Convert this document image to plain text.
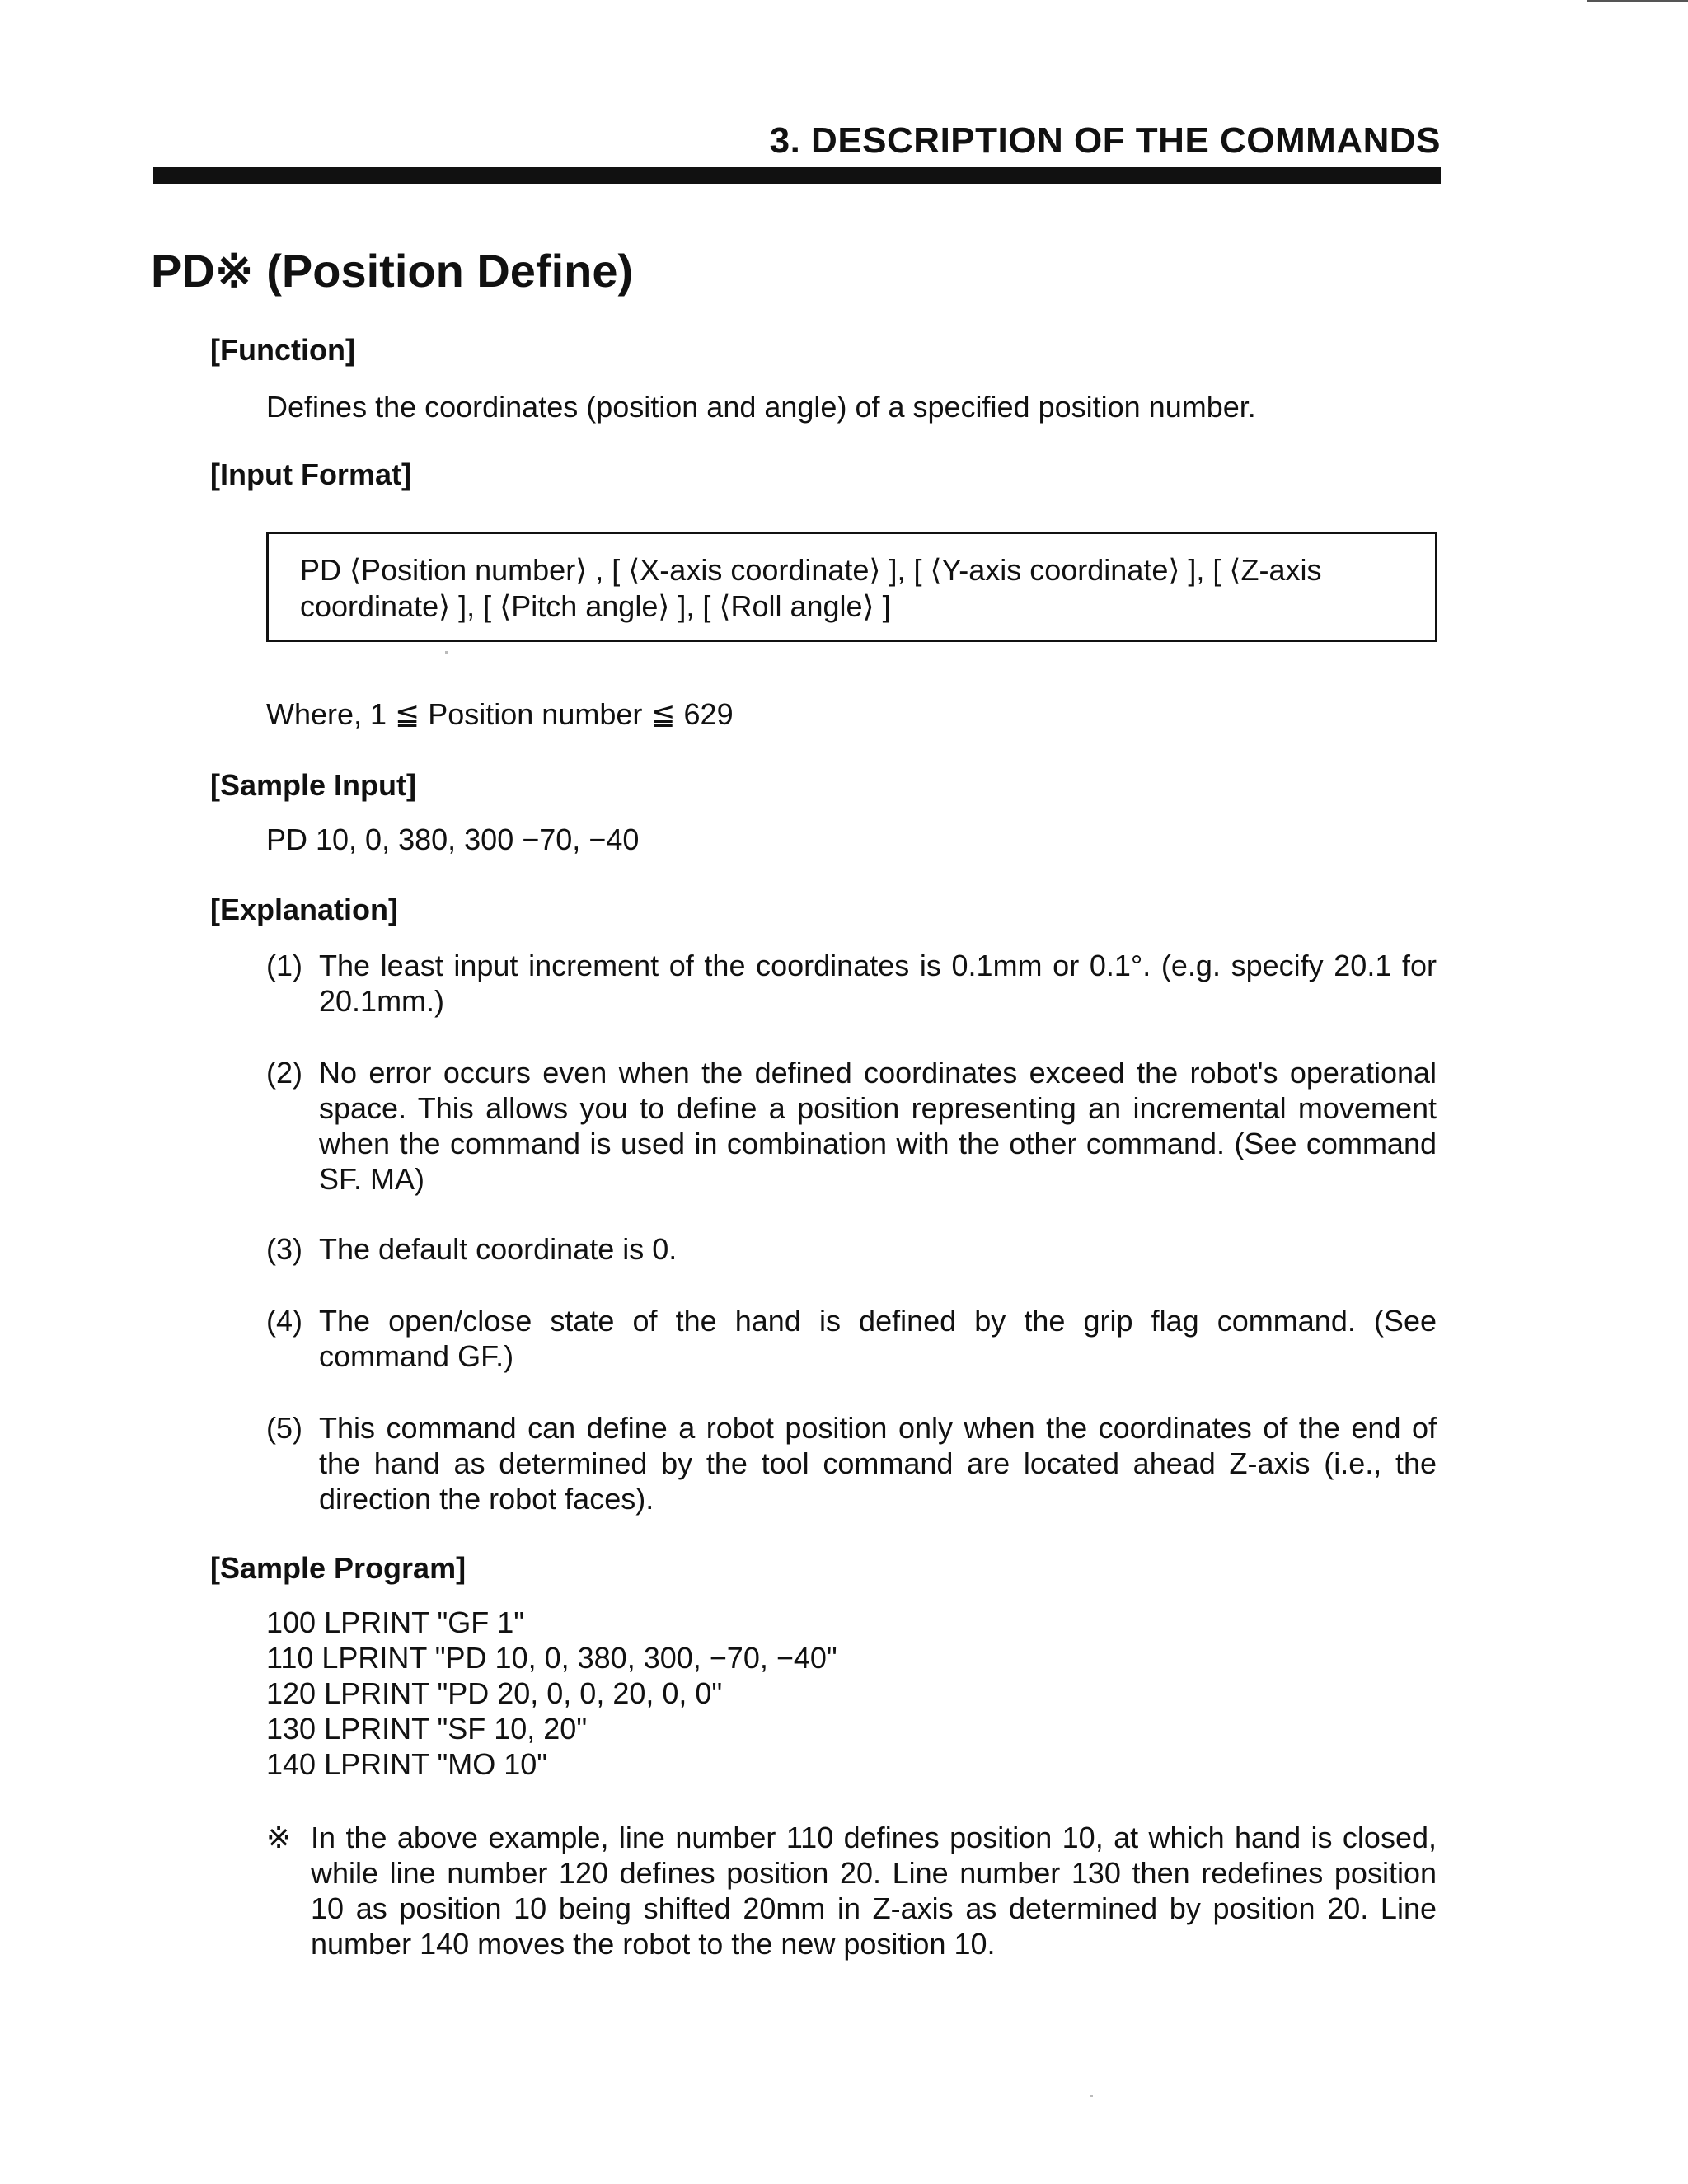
3. DESCRIPTION OF THE COMMANDS
PD※ (Position Define)
[Function]
Defines the coordinates (position and angle) of a specified position number.
[Input Format]
PD ⟨Position number⟩ , [ ⟨X-axis coordinate⟩ ], [ ⟨Y-axis coordinate⟩ ], [ ⟨Z-axis
coordinate⟩ ], [ ⟨Pitch angle⟩ ], [ ⟨Roll angle⟩ ]
Where, 1 ≦ Position number ≦ 629
[Sample Input]
PD 10, 0, 380, 300 −70, −40
[Explanation]
(1) The least input increment of the coordinates is 0.1mm or 0.1°. (e.g. specify 20.1 for 20.1mm.)
(2) No error occurs even when the defined coordinates exceed the robot's operational space. This allows you to define a position representing an incremental movement when the command is used in combination with the other command. (See command SF. MA)
(3) The default coordinate is 0.
(4) The open/close state of the hand is defined by the grip flag command. (See command GF.)
(5) This command can define a robot position only when the coordinates of the end of the hand as determined by the tool command are located ahead Z-axis (i.e., the direction the robot faces).
[Sample Program]
100 LPRINT "GF 1"
110 LPRINT "PD 10, 0, 380, 300, −70, −40"
120 LPRINT "PD 20, 0, 0, 20, 0, 0"
130 LPRINT "SF 10, 20"
140 LPRINT "MO 10"
※ In the above example, line number 110 defines position 10, at which hand is closed, while line number 120 defines position 20. Line number 130 then redefines position 10 as position 10 being shifted 20mm in Z-axis as determined by position 20. Line number 140 moves the robot to the new position 10.
